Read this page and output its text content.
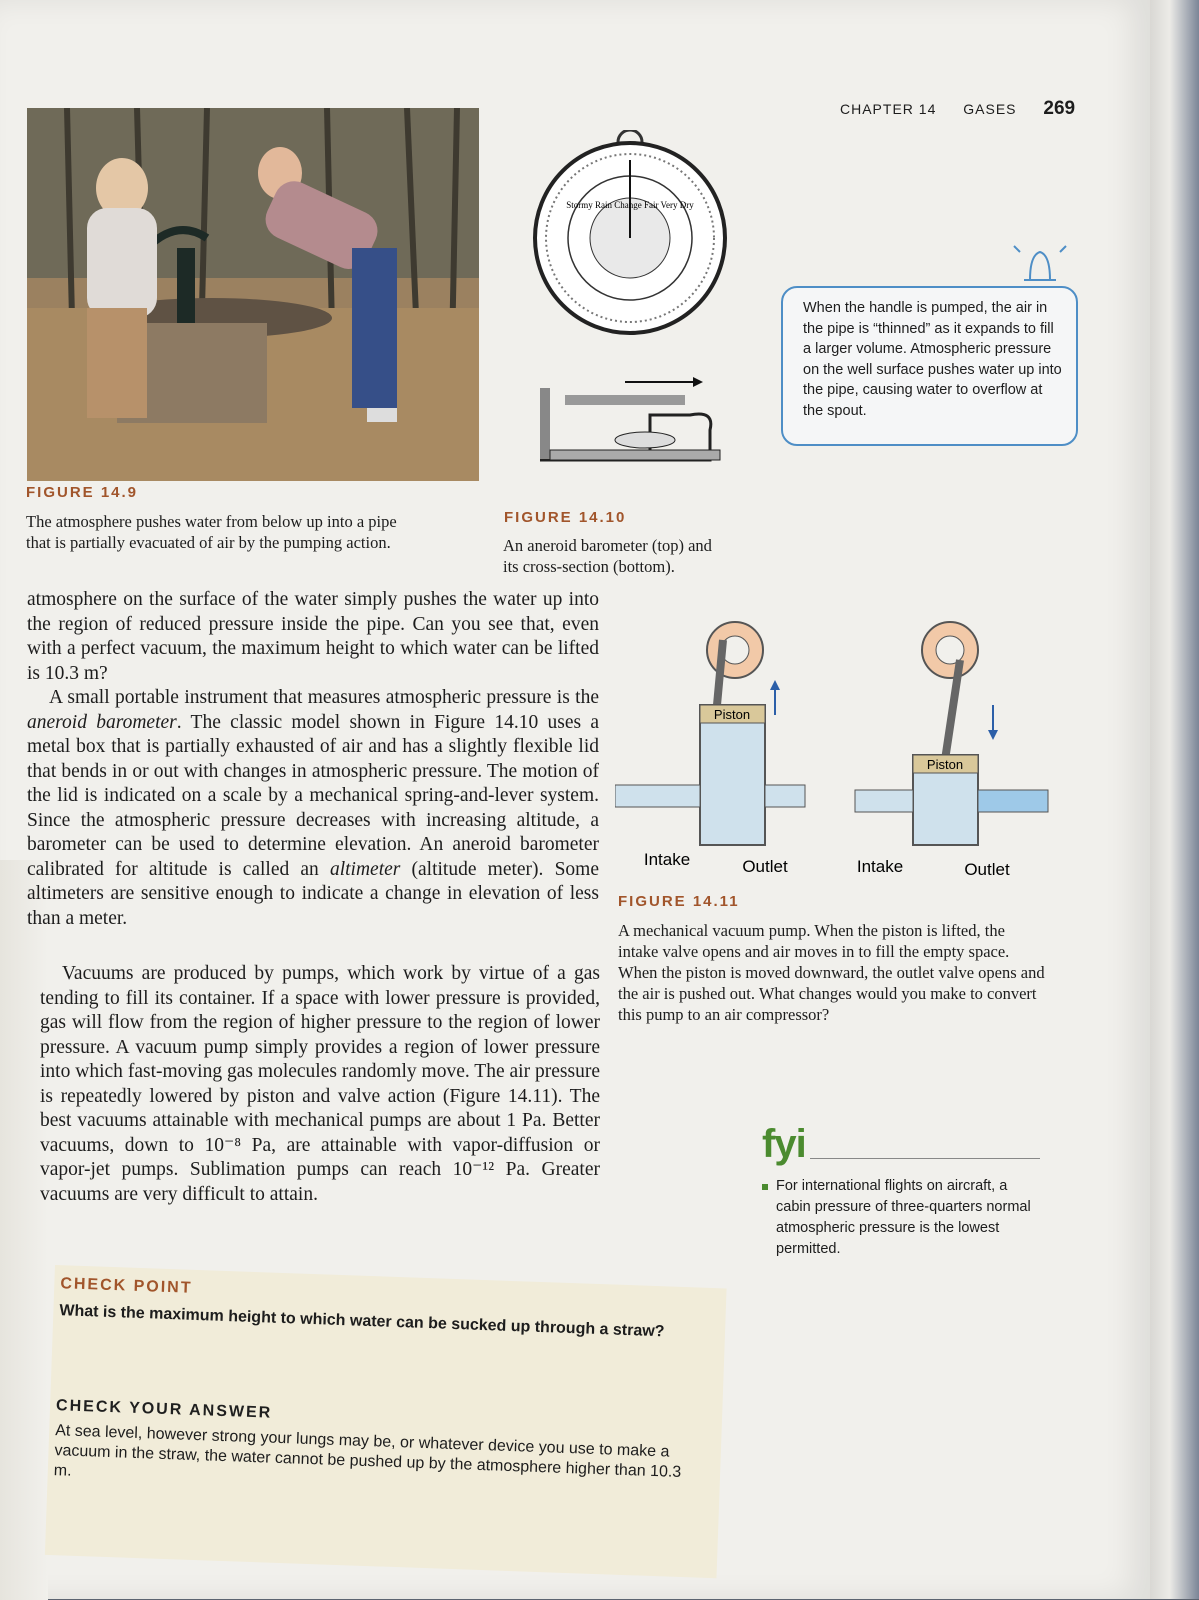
CHAPTER 14 GASES 269
FIGURE 14.9
The atmosphere pushes water from below up into a pipe
that is partially evacuated of air by the pumping action.
Stormy Rain Change Fair Very Dry
FIGURE 14.10
An aneroid barometer (top) and
its cross-section (bottom).
When the handle is pumped, the air in the pipe is “thinned” as it expands to fill a larger volume. Atmospheric pressure on the well surface pushes water up into the pipe, causing water to overflow at the spout.

atmosphere on the surface of the water simply pushes the water up into the region of reduced pressure inside the pipe. Can you see that, even with a perfect vacuum, the maximum height to which water can be lifted is 10.3 m?

A small portable instrument that measures atmospheric pressure is the aneroid barometer. The classic model shown in Figure 14.10 uses a metal box that is partially exhausted of air and has a slightly flexible lid that bends in or out with changes in atmospheric pressure. The motion of the lid is indicated on a scale by a mechanical spring-and-lever system. Since the atmospheric pressure decreases with increasing altitude, a barometer can be used to determine elevation. An aneroid barometer calibrated for altitude is called an altimeter (altitude meter). Some altimeters are sensitive enough to indicate a change in elevation of less than a meter.

Piston
Intake	Outlet
Piston
Intake	Outlet
FIGURE 14.11
A mechanical vacuum pump. When the piston is lifted, the intake valve opens and air moves in to fill the empty space. When the piston is moved downward, the outlet valve opens and the air is pushed out. What changes would you make to convert this pump to an air compressor?

Vacuums are produced by pumps, which work by virtue of a gas tending to fill its container. If a space with lower pressure is provided, gas will flow from the region of higher pressure to the region of lower pressure. A vacuum pump simply provides a region of lower pressure into which fast-moving gas molecules randomly move. The air pressure is repeatedly lowered by piston and valve action (Figure 14.11). The best vacuums attainable with mechanical pumps are about 1 Pa. Better vacuums, down to 10⁻⁸ Pa, are attainable with vapor-diffusion or vapor-jet pumps. Sublimation pumps can reach 10⁻¹² Pa. Greater vacuums are very difficult to attain.

fyi
For international flights on aircraft, a cabin pressure of three-quarters normal atmospheric pressure is the lowest permitted.
CHECK POINT
What is the maximum height to which water can be sucked up through a straw?
CHECK YOUR ANSWER
At sea level, however strong your lungs may be, or whatever device you use to make a vacuum in the straw, the water cannot be pushed up by the atmosphere higher than 10.3 m.
